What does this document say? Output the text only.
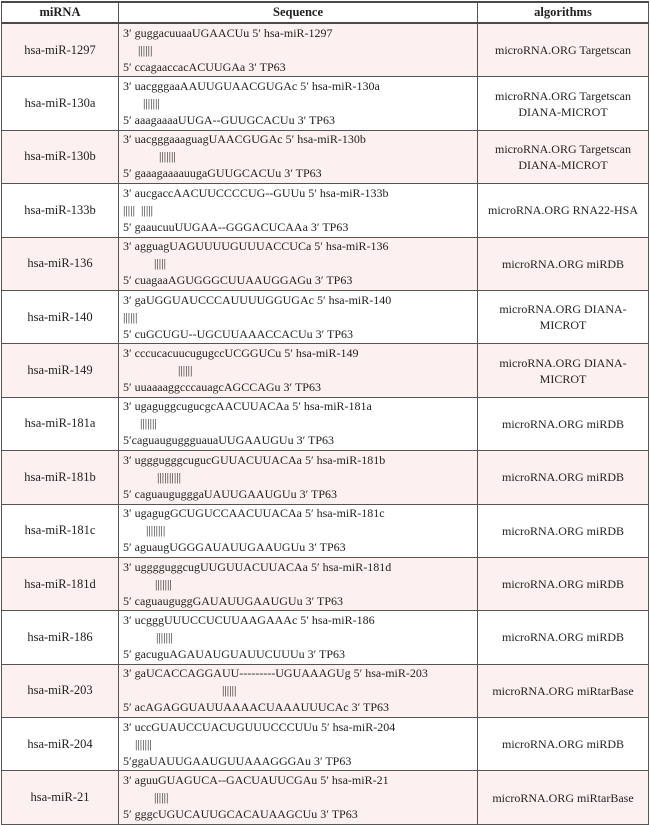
miRNA	Sequence	algorithms
hsa-miR-1297
3′ guggacuuaaUGAACUu 5′ hsa-miR-1297
||||||
5′ ccagaaccacACUUGAa 3′ TP63
microRNA.ORG Targetscan
hsa-miR-130a
3′ uacgggaaAAUUGUAACGUGAc 5′ hsa-miR-130a
|||||||
5′ aaagaaaaUUGA--GUUGCACUu 3′ TP63
microRNA.ORG Targetscan DIANA-MICROT
hsa-miR-130b
3′ uacgggaaaguagUAACGUGAc 5′ hsa-miR-130b
|||||||
5′ gaaagaaaauugaGUUGCACUu 3′ TP63
microRNA.ORG Targetscan DIANA-MICROT
hsa-miR-133b
3′ aucgaccAACUUCCCCUG--GUUu 5′ hsa-miR-133b
|||||  |||||
5′ gaaucuuUUGAA--GGGACUCAAa 3′ TP63
microRNA.ORG RNA22-HSA
hsa-miR-136
3′ agguagUAGUUUUGUUUACCUCa 5′ hsa-miR-136
|||||
5′ cuagaaAGUGGGCUUAAUGGAGu 3′ TP63
microRNA.ORG miRDB
hsa-miR-140
3′ gaUGGUAUCCCAUUUUGGUGAc 5′ hsa-miR-140
||||||
5′ cuGCUGU--UGCUUAAACCACUu 3′ TP63
microRNA.ORG DIANA-MICROT
hsa-miR-149
3′ cccucacuucugugccUCGGUCu 5′ hsa-miR-149
||||||
5′ uuaaaaggcccauagcAGCCAGu 3′ TP63
microRNA.ORG DIANA-MICROT
hsa-miR-181a
3′ ugaguggcugucgcAACUUACAa 5′ hsa-miR-181a
|||||||
5′caguauguggguauaUUGAAUGUu 3′ TP63
microRNA.ORG miRDB
hsa-miR-181b
3′ ugggugggcugucGUUACUUACAa 5′ hsa-miR-181b
||||||||||
5′ caguaugugggaUAUUGAAUGUu 3′ TP63
microRNA.ORG miRDB
hsa-miR-181c
3′ ugagugGCUGUCCAACUUACAa 5′ hsa-miR-181c
||||||||
5′ aguaugUGGGAUAUUGAAUGUu 3′ TP63
microRNA.ORG miRDB
hsa-miR-181d
3′ ugggguggcugUUGUUACUUACAa 5′ hsa-miR-181d
|||||||
5′ caguauguggGAUAUUGAAUGUu 3′ TP63
microRNA.ORG miRDB
hsa-miR-186
3′ ucgggUUUCCUCUUAAGAAAc 5′ hsa-miR-186
|||||||
5′ gacuguAGAUAUGUAUUCUUUu 3′ TP63
microRNA.ORG miRDB
hsa-miR-203
3′ gaUCACCAGGAUU---------UGUAAAGUg 5′ hsa-miR-203
||||||
5′ acAGAGGUAUUAAAACUAAAUUUCAc 3′ TP63
microRNA.ORG miRtarBase
hsa-miR-204
3′ uccGUAUCCUACUGUUUCCCUUu 5′ hsa-miR-204
|||||||
5′ggaUAUUGAAUGUUAAAGGGAu 3′ TP63
microRNA.ORG miRDB
hsa-miR-21
3′ aguuGUAGUCA--GACUAUUCGAu 5′ hsa-miR-21
||||||
5′ gggcUGUCAUUGCACAUAAGCUu 3′ TP63
microRNA.ORG miRtarBase
